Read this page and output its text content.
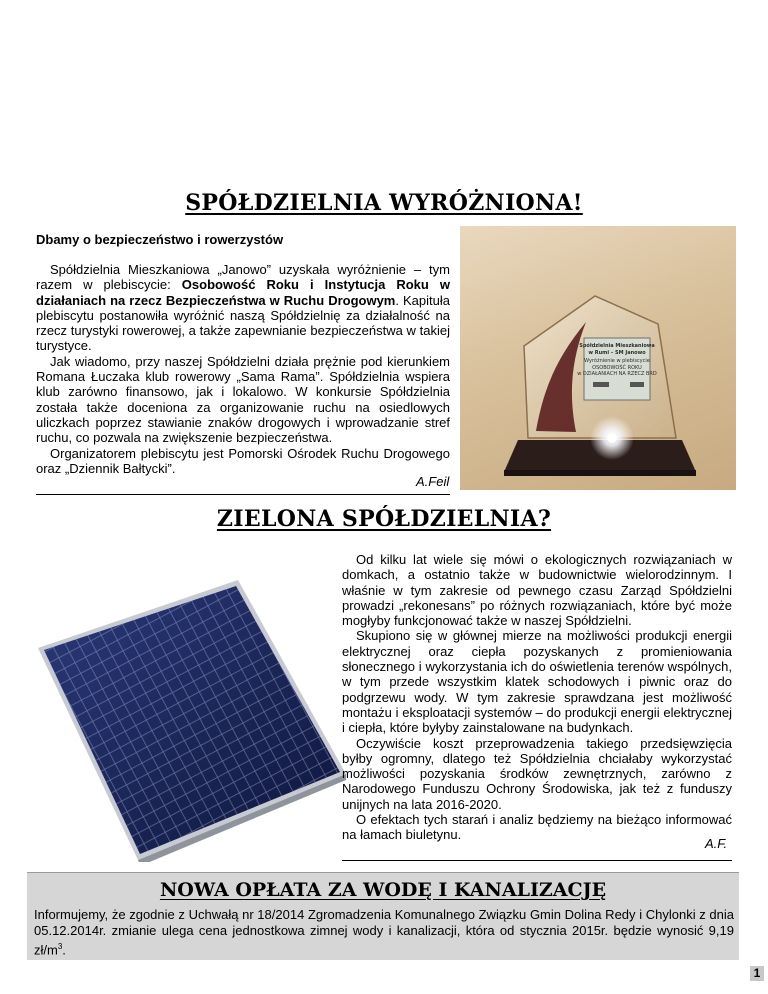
SPÓŁDZIELNIA WYRÓŻNIONA!
Dbamy o bezpieczeństwo i rowerzystów

Spółdzielnia Mieszkaniowa „Janowo” uzyskała wyróżnienie – tym razem w plebiscycie: Osobowość Roku i Instytucja Roku w działaniach na rzecz Bezpieczeństwa w Ruchu Drogowym. Kapituła plebiscytu postanowiła wyróżnić naszą Spółdzielnię za działalność na rzecz turystyki rowerowej, a także zapewnianie bezpieczeństwa w takiej turystyce.

Jak wiadomo, przy naszej Spółdzielni działa prężnie pod kierunkiem Romana Łuczaka klub rowerowy „Sama Rama”. Spółdzielnia wspiera klub zarówno finansowo, jak i lokalowo. W konkursie Spółdzielnia została także doceniona za organizowanie ruchu na osiedlowych uliczkach poprzez stawianie znaków drogowych i wprowadzanie stref ruchu, co pozwala na zwiększenie bezpieczeństwa.

Organizatorem plebiscytu jest Pomorski Ośrodek Ruchu Drogowego oraz „Dziennik Bałtycki”.

A.Feil
Spółdzielnia Mieszkaniowa
w Rumi – SM Janowo
Wyróżnienie w plebiscycie
OSOBOWOŚĆ ROKU
w DZIAŁANIACH NA RZECZ BRD
ZIELONA SPÓŁDZIELNIA?

Od kilku lat wiele się mówi o ekologicznych rozwiązaniach w domkach, a ostatnio także w budownictwie wielorodzinnym. I właśnie w tym zakresie od pewnego czasu Zarząd Spółdzielni prowadzi „rekonesans” po różnych rozwiązaniach, które być może mogłyby funkcjonować także w naszej Spółdzielni.

Skupiono się w głównej mierze na możliwości produkcji energii elektrycznej oraz ciepła pozyskanych z promieniowania słonecznego i wykorzystania ich do oświetlenia terenów wspólnych, w tym przede wszystkim klatek schodowych i piwnic oraz do podgrzewu wody. W tym zakresie sprawdzana jest możliwość montażu i eksploatacji systemów – do produkcji energii elektrycznej i ciepła, które byłyby zainstalowane na budynkach.

Oczywiście koszt przeprowadzenia takiego przedsięwzięcia byłby ogromny, dlatego też Spółdzielnia chciałaby wykorzystać możliwości pozyskania środków zewnętrznych, zarówno z Narodowego Funduszu Ochrony Środowiska, jak też z funduszy unijnych na lata 2016-2020.

O efektach tych starań i analiz będziemy na bieżąco informować na łamach biuletynu.

A.F.
NOWA OPŁATA ZA WODĘ I KANALIZACJĘ
Informujemy, że zgodnie z Uchwałą nr 18/2014 Zgromadzenia Komunalnego Związku Gmin Dolina Redy i Chylonki z dnia 05.12.2014r. zmianie ulega cena jednostkowa zimnej wody i kanalizacji, która od stycznia 2015r. będzie wynosić 9,19 $zł/m^3$.
1
